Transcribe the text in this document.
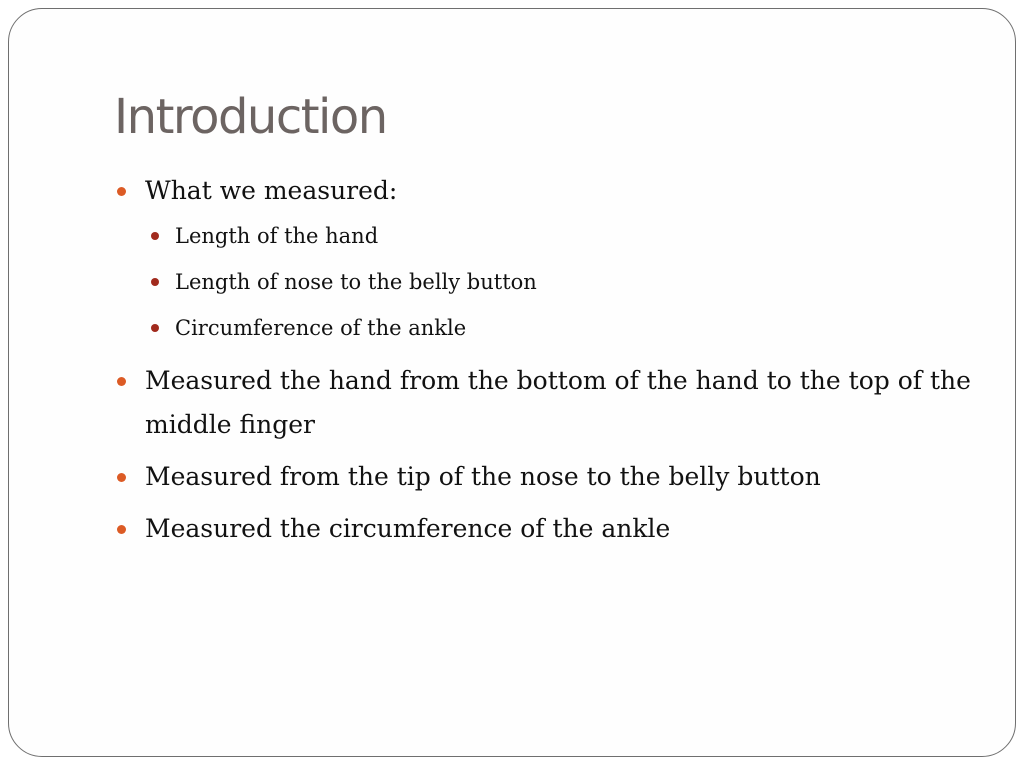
Introduction
What we measured:
Length of the hand
Length of nose to the belly button
Circumference of the ankle
Measured the hand from the bottom of the hand to the top of the middle finger
Measured from the tip of the nose to the belly button
Measured the circumference of the ankle
